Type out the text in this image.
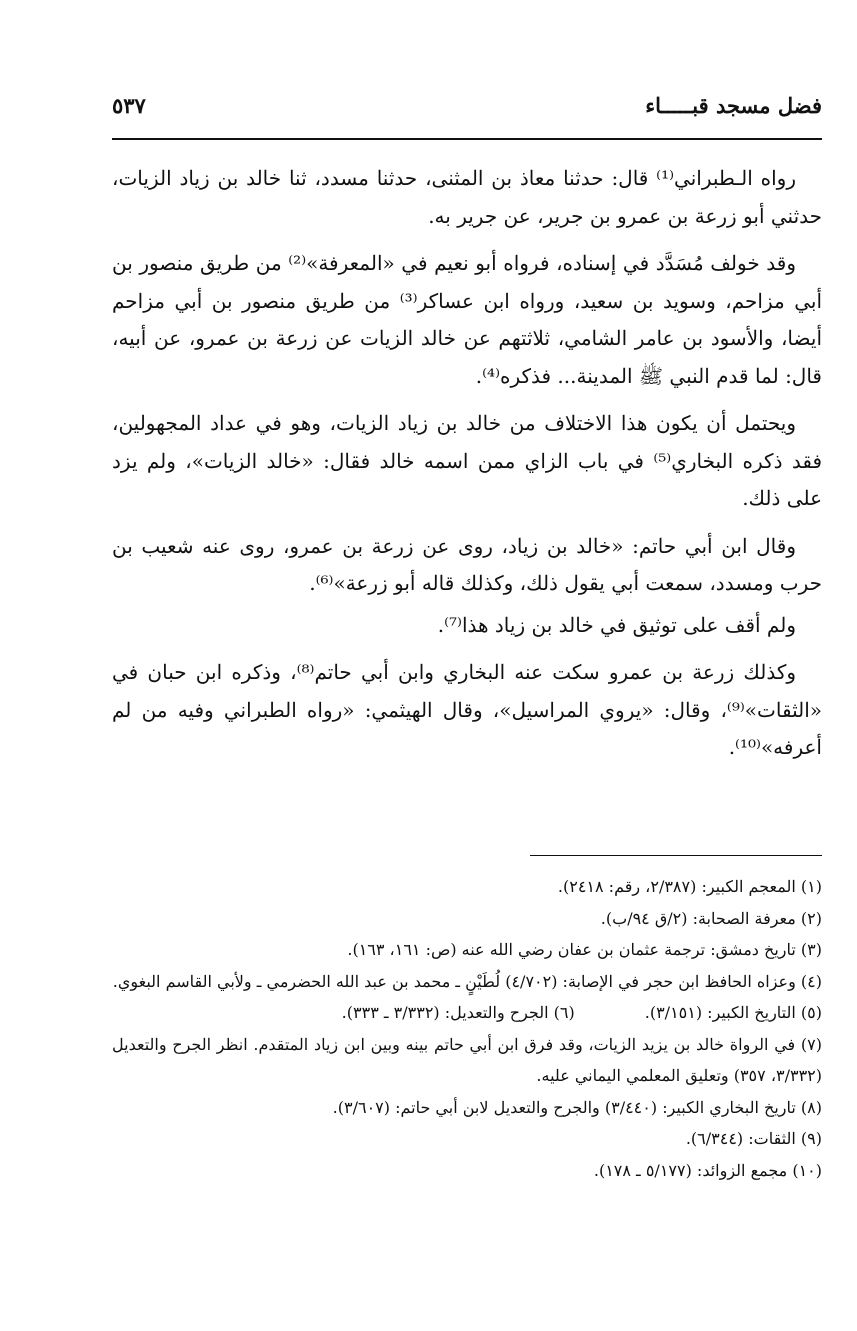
فضل مسجد قبـــــاء
٥٣٧

رواه الـطبراني⁽¹⁾ قال: حدثنا معاذ بن المثنى، حدثنا مسدد، ثنا خالد بن زياد الزيات، حدثني أبو زرعة بن عمرو بن جرير، عن جرير به.

وقد خولف مُسَدَّد في إسناده، فرواه أبو نعيم في «المعرفة»⁽²⁾ من طريق منصور بن أبي مزاحم، وسويد بن سعيد، ورواه ابن عساكر⁽³⁾ من طريق منصور بن أبي مزاحم أيضا، والأسود بن عامر الشامي، ثلاثتهم عن خالد الزيات عن زرعة بن عمرو، عن أبيه، قال: لما قدم النبي ﷺ المدينة... فذكره⁽⁴⁾.

ويحتمل أن يكون هذا الاختلاف من خالد بن زياد الزيات، وهو في عداد المجهولين، فقد ذكره البخاري⁽⁵⁾ في باب الزاي ممن اسمه خالد فقال: «خالد الزيات»، ولم يزد على ذلك.

وقال ابن أبي حاتم: «خالد بن زياد، روى عن زرعة بن عمرو، روى عنه شعيب بن حرب ومسدد، سمعت أبي يقول ذلك، وكذلك قاله أبو زرعة»⁽⁶⁾.

ولم أقف على توثيق في خالد بن زياد هذا⁽⁷⁾.

وكذلك زرعة بن عمرو سكت عنه البخاري وابن أبي حاتم⁽⁸⁾، وذكره ابن حبان في «الثقات»⁽⁹⁾، وقال: «يروي المراسيل»، وقال الهيثمي: «رواه الطبراني وفيه من لم أعرفه»⁽¹⁰⁾.

(١) المعجم الكبير: (٢/٣٨٧، رقم: ٢٤١٨).

(٢) معرفة الصحابة: (٢/ق ٩٤/ب).

(٣) تاريخ دمشق: ترجمة عثمان بن عفان رضي الله عنه (ص: ١٦١، ١٦٣).

(٤) وعزاه الحافظ ابن حجر في الإصابة: (٤/٧٠٢) لُطَيْنٍ ـ محمد بن عبد الله الحضرمي ـ ولأبي القاسم البغوي.

(٥) التاريخ الكبير: (٣/١٥١).

(٦) الجرح والتعديل: (٣/٣٣٢ ـ ٣٣٣).

(٧) في الرواة خالد بن يزيد الزيات، وقد فرق ابن أبي حاتم بينه وبين ابن زياد المتقدم. انظر الجرح والتعديل (٣/٣٣٢، ٣٥٧) وتعليق المعلمي اليماني عليه.

(٨) تاريخ البخاري الكبير: (٣/٤٤٠) والجرح والتعديل لابن أبي حاتم: (٣/٦٠٧).

(٩) الثقات: (٦/٣٤٤).

(١٠) مجمع الزوائد: (٥/١٧٧ ـ ١٧٨).
